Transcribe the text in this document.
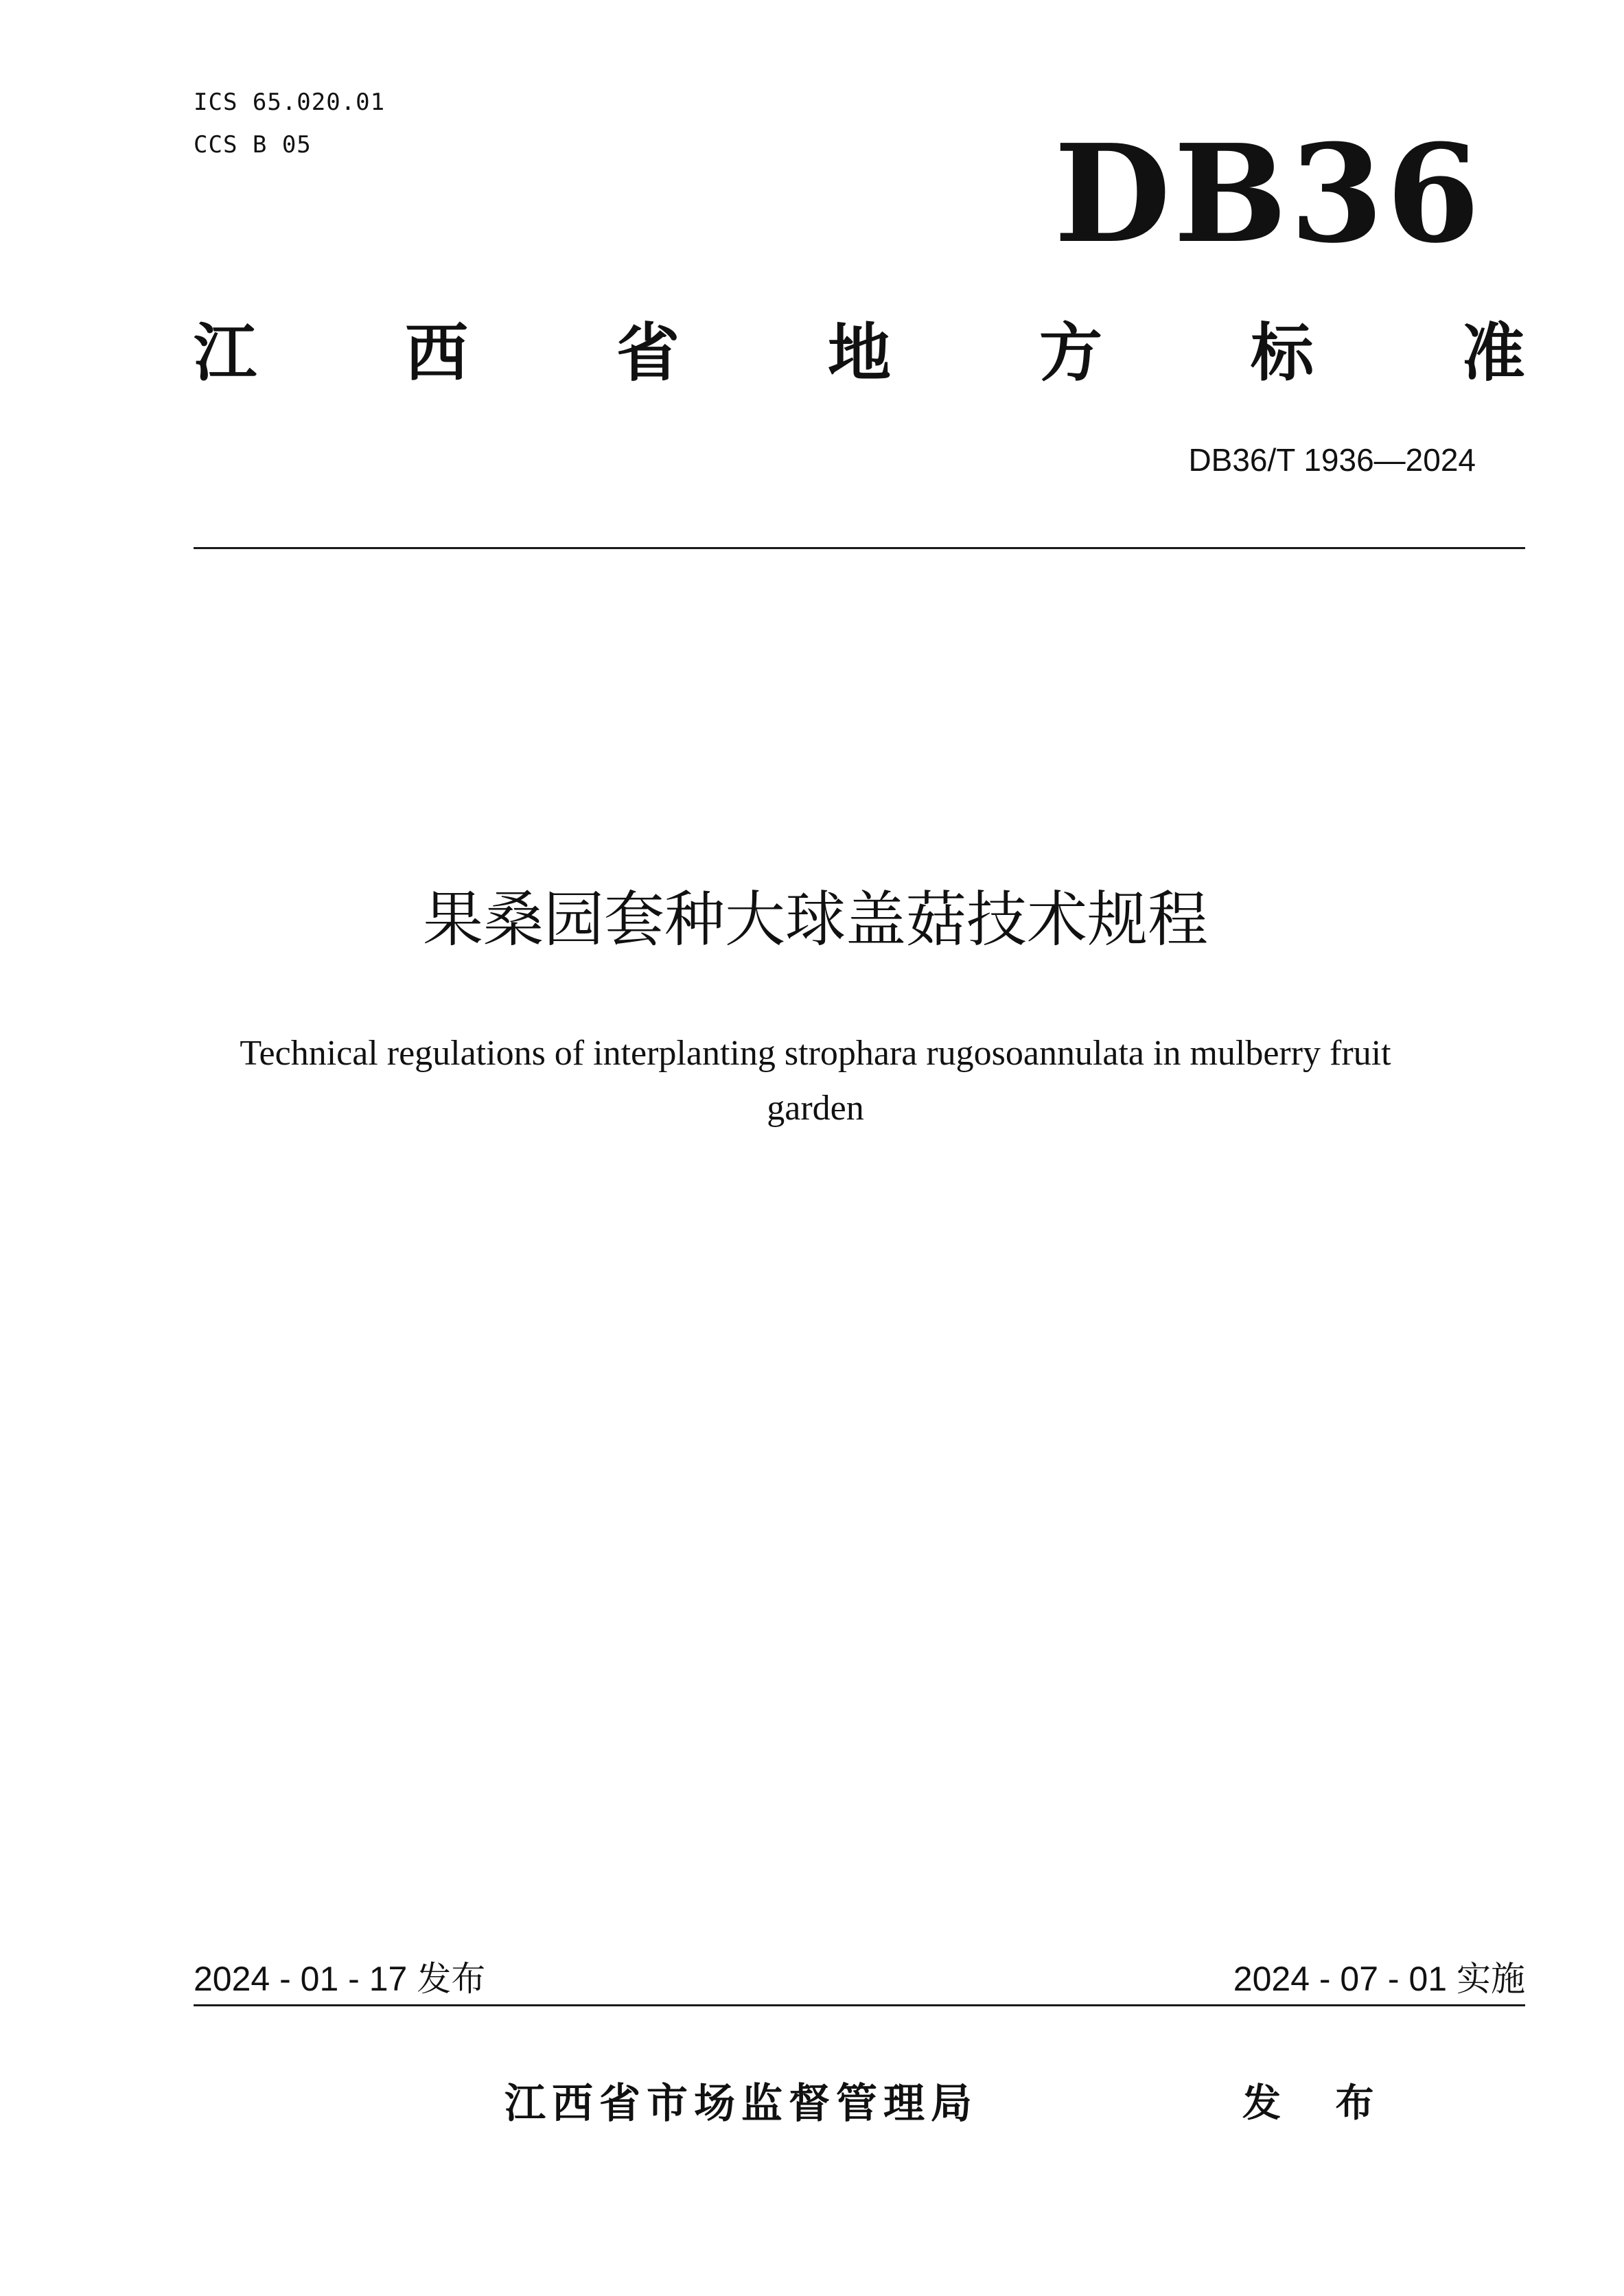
ICS 65.020.01
CCS B 05	DB36
江 西 省 地 方 标 准
DB36/T 1936—2024
果桑园套种大球盖菇技术规程
Technical regulations of interplanting strophara rugosoannulata in mulberry fruit
garden
2024 - 01 - 17 发布	2024 - 07 - 01 实施
江西省市场监督管理局	发 布
